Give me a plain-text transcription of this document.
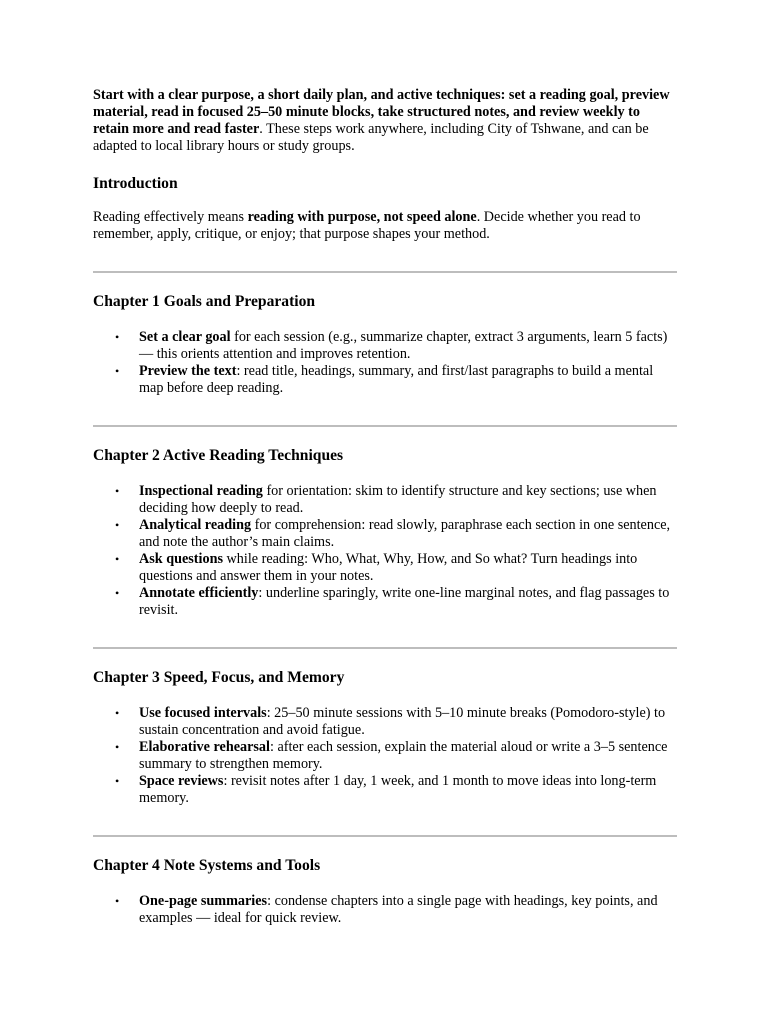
Start with a clear purpose, a short daily plan, and active techniques: set a reading goal, preview material, read in focused 25–50 minute blocks, take structured notes, and review weekly to retain more and read faster. These steps work anywhere, including City of Tshwane, and can be adapted to local library hours or study groups.

Introduction

Reading effectively means reading with purpose, not speed alone. Decide whether you read to remember, apply, critique, or enjoy; that purpose shapes your method.

Chapter 1 Goals and Preparation
• Set a clear goal for each session (e.g., summarize chapter, extract 3 arguments, learn 5 facts) — this orients attention and improves retention.
• Preview the text: read title, headings, summary, and first/last paragraphs to build a mental map before deep reading.
Chapter 2 Active Reading Techniques
• Inspectional reading for orientation: skim to identify structure and key sections; use when deciding how deeply to read.
• Analytical reading for comprehension: read slowly, paraphrase each section in one sentence, and note the author’s main claims.
• Ask questions while reading: Who, What, Why, How, and So what? Turn headings into questions and answer them in your notes.
• Annotate efficiently: underline sparingly, write one-line marginal notes, and flag passages to revisit.
Chapter 3 Speed, Focus, and Memory
• Use focused intervals: 25–50 minute sessions with 5–10 minute breaks (Pomodoro-style) to sustain concentration and avoid fatigue.
• Elaborative rehearsal: after each session, explain the material aloud or write a 3–5 sentence summary to strengthen memory.
• Space reviews: revisit notes after 1 day, 1 week, and 1 month to move ideas into long-term memory.
Chapter 4 Note Systems and Tools
• One-page summaries: condense chapters into a single page with headings, key points, and examples — ideal for quick review.
